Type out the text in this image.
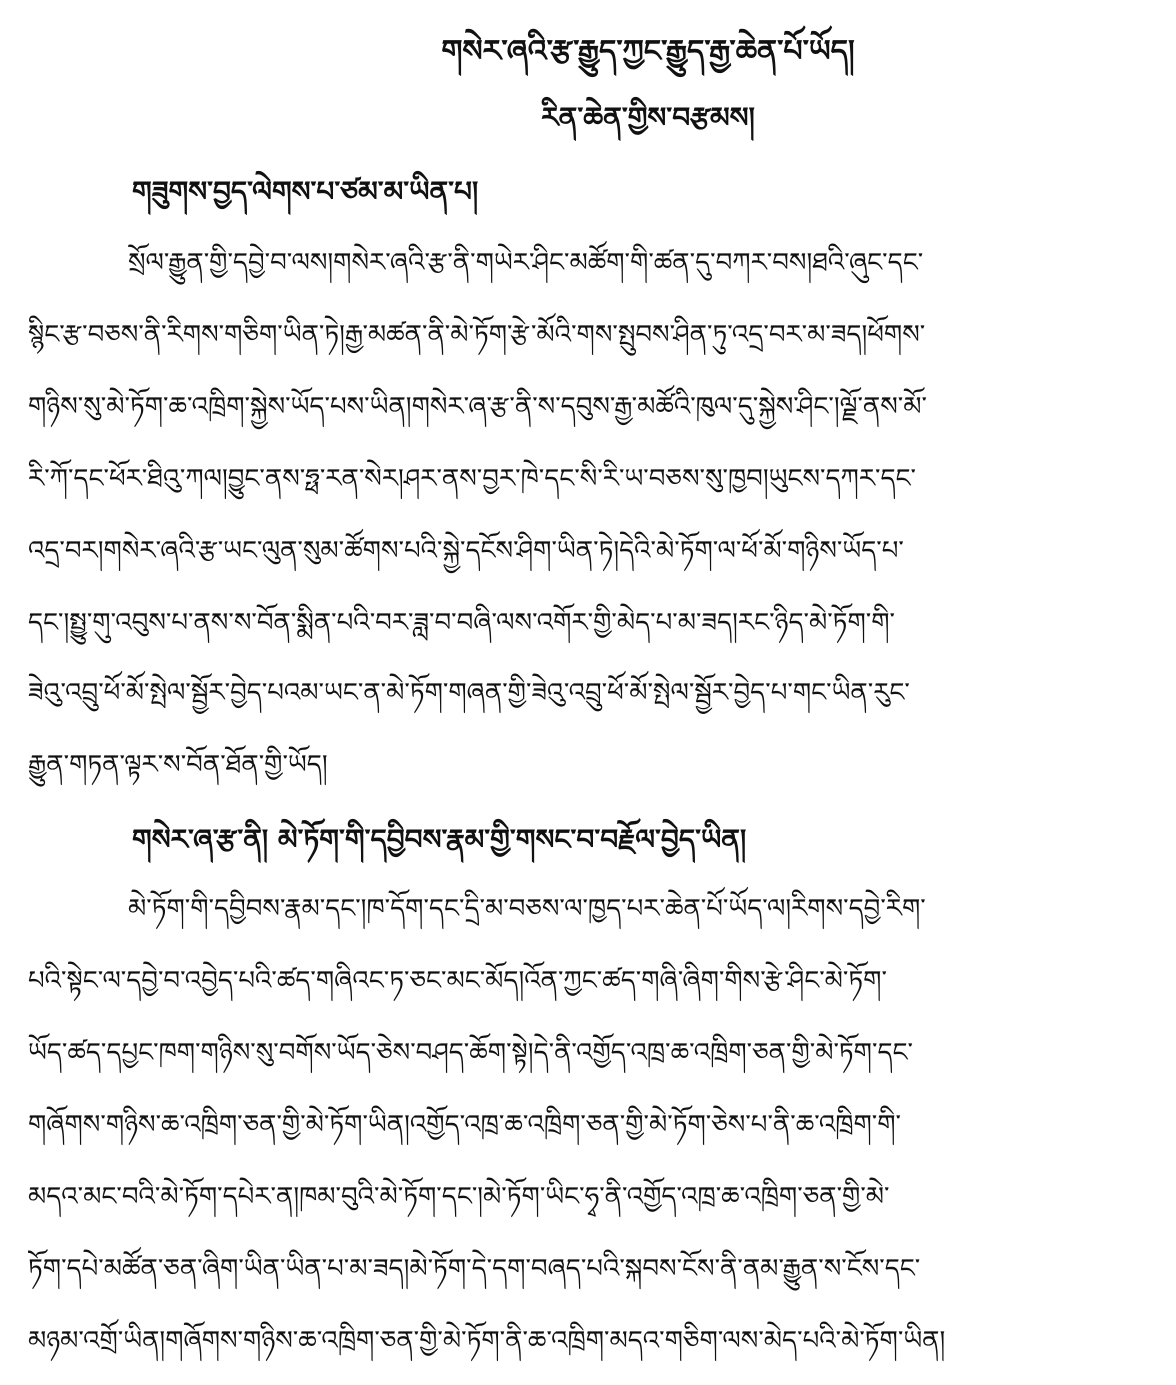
གསེར་ཞའི་རྩ་རྒྱུད་ཀྱང་རྒྱུད་རྒྱ་ཆེན་པོ་ཡོད།
རིན་ཆེན་གྱིས་བརྩམས།
གཟུགས་བྱད་ལེགས་པ་ཙམ་མ་ཡིན་པ།
སྲོལ་རྒྱུན་གྱི་དབྱེ་བ་ལས།གསེར་ཞའི་རྩ་ནི་གཡེར་ཤིང་མཚོག་གི་ཚན་དུ་བཀར་བས།ཐའི་ཞུང་དང་
སྙིང་རྩ་བཅས་ནི་རིགས་གཅིག་ཡིན་ཏེ།རྒྱ་མཚན་ནི་མེ་ཏོག་རྩེ་མོའི་གས་སྤུབས་ཤིན་ཏུ་འདྲ་བར་མ་ཟད།ཕོགས་
གཉིས་སུ་མེ་ཏོག་ཆ་འཁྲིག་སྐྱེས་ཡོད་པས་ཡིན།གསེར་ཞ་རྩ་ནི་ས་དབུས་རྒྱ་མཚོའི་ཁུལ་དུ་སྐྱེས་ཤིང་།ལྗོ་ནས་མོ་
རི་ཀོ་དང་ཕོར་ཐིའུ་ཀལ།བྱུང་ནས་ཧྥ་རན་སེར།ཤར་ནས་བྱར་ཁེ་དང་སི་རི་ཡ་བཅས་སུ་ཁྱབ།ཡུངས་དཀར་དང་
འདྲ་བར།གསེར་ཞའི་རྩ་ཡང་ལུན་སུམ་ཚོགས་པའི་སྐྱེ་དངོས་ཤིག་ཡིན་ཏེ།དེའི་མེ་ཏོག་ལ་ཕོ་མོ་གཉིས་ཡོད་པ་
དང་།སྤྱུ་གུ་འབུས་པ་ནས་ས་བོན་སྨིན་པའི་བར་ཟླ་བ་བཞི་ལས་འགོར་གྱི་མེད་པ་མ་ཟད།རང་ཉིད་མེ་ཏོག་གི་
ཟེའུ་འབྲུ་ཕོ་མོ་སྤེལ་སྦྱོར་བྱེད་པའམ་ཡང་ན་མེ་ཏོག་གཞན་གྱི་ཟེའུ་འབྲུ་ཕོ་མོ་སྤེལ་སྦྱོར་བྱེད་པ་གང་ཡིན་རུང་
རྒྱུན་གཏན་ལྟར་ས་བོན་ཐོན་གྱི་ཡོད།
གསེར་ཞ་རྩ་ནི། མེ་ཏོག་གི་དབྱིབས་རྣམ་གྱི་གསང་བ་བརྗོལ་བྱེད་ཡིན།
མེ་ཏོག་གི་དབྱིབས་རྣམ་དང་།ཁ་དོག་དང་དྲི་མ་བཅས་ལ་ཁྱད་པར་ཆེན་པོ་ཡོད་ལ།རིགས་དབྱེ་རིག་
པའི་སྟེང་ལ་དབྱེ་བ་འབྱེད་པའི་ཚད་གཞིའང་ཏ་ཅང་མང་མོད།འོན་ཀྱང་ཚད་གཞི་ཞིག་གིས་རྩེ་ཤིང་མེ་ཏོག་
ཡོད་ཚད་དཔྱང་ཁག་གཉིས་སུ་བགོས་ཡོད་ཅེས་བཤད་ཆོག་སྟེ།དེ་ནི་འགྱོད་འཁྲ་ཆ་འཁྲིག་ཅན་གྱི་མེ་ཏོག་དང་
གཞོགས་གཉིས་ཆ་འཁྲིག་ཅན་གྱི་མེ་ཏོག་ཡིན།འགྱོད་འཁྲ་ཆ་འཁྲིག་ཅན་གྱི་མེ་ཏོག་ཅེས་པ་ནི་ཆ་འཁྲིག་གི་
མདའ་མང་བའི་མེ་ཏོག་དཔེར་ན།ཁམ་བུའི་མེ་ཏོག་དང་།མེ་ཏོག་ཡིང་ཧྭ་ནི་འགྱོད་འཁྲ་ཆ་འཁྲིག་ཅན་གྱི་མེ་
ཏོག་དཔེ་མཚོན་ཅན་ཞིག་ཡིན་ཡིན་པ་མ་ཟད།མེ་ཏོག་དེ་དག་བཞད་པའི་སྐབས་ངོས་ནི་ནམ་རྒྱུན་ས་ངོས་དང་
མཉམ་འགྲོ་ཡིན།གཞོགས་གཉིས་ཆ་འཁྲིག་ཅན་གྱི་མེ་ཏོག་ནི་ཆ་འཁྲིག་མདའ་གཅིག་ལས་མེད་པའི་མེ་ཏོག་ཡིན།
